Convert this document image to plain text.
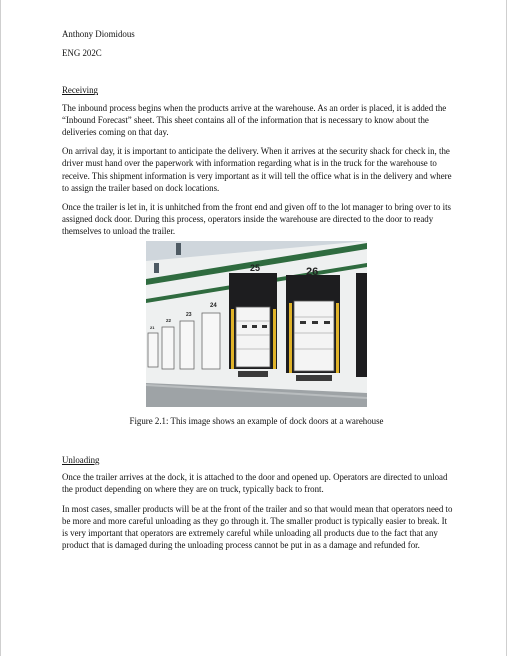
Anthony Diomidous
ENG 202C
Receiving

The inbound process begins when the products arrive at the warehouse. As an order is placed, it is added the “Inbound Forecast” sheet. This sheet contains all of the information that is necessary to know about the deliveries coming on that day.

On arrival day, it is important to anticipate the delivery. When it arrives at the security shack for check in, the driver must hand over the paperwork with information regarding what is in the truck for the warehouse to receive. This shipment information is very important as it will tell the office what is in the delivery and where to assign the trailer based on dock locations.

Once the trailer is let in, it is unhitched from the front end and given off to the lot manager to bring over to its assigned dock door. During this process, operators inside the warehouse are directed to the door to ready themselves to unload the trailer.

25	26
24
23
22
21
Figure 2.1: This image shows an example of dock doors at a warehouse
Unloading

Once the trailer arrives at the dock, it is attached to the door and opened up. Operators are directed to unload the product depending on where they are on truck, typically back to front.

In most cases, smaller products will be at the front of the trailer and so that would mean that operators need to be more and more careful unloading as they go through it. The smaller product is typically easier to break. It is very important that operators are extremely careful while unloading all products due to the fact that any product that is damaged during the unloading process cannot be put in as a damage and refunded for.
